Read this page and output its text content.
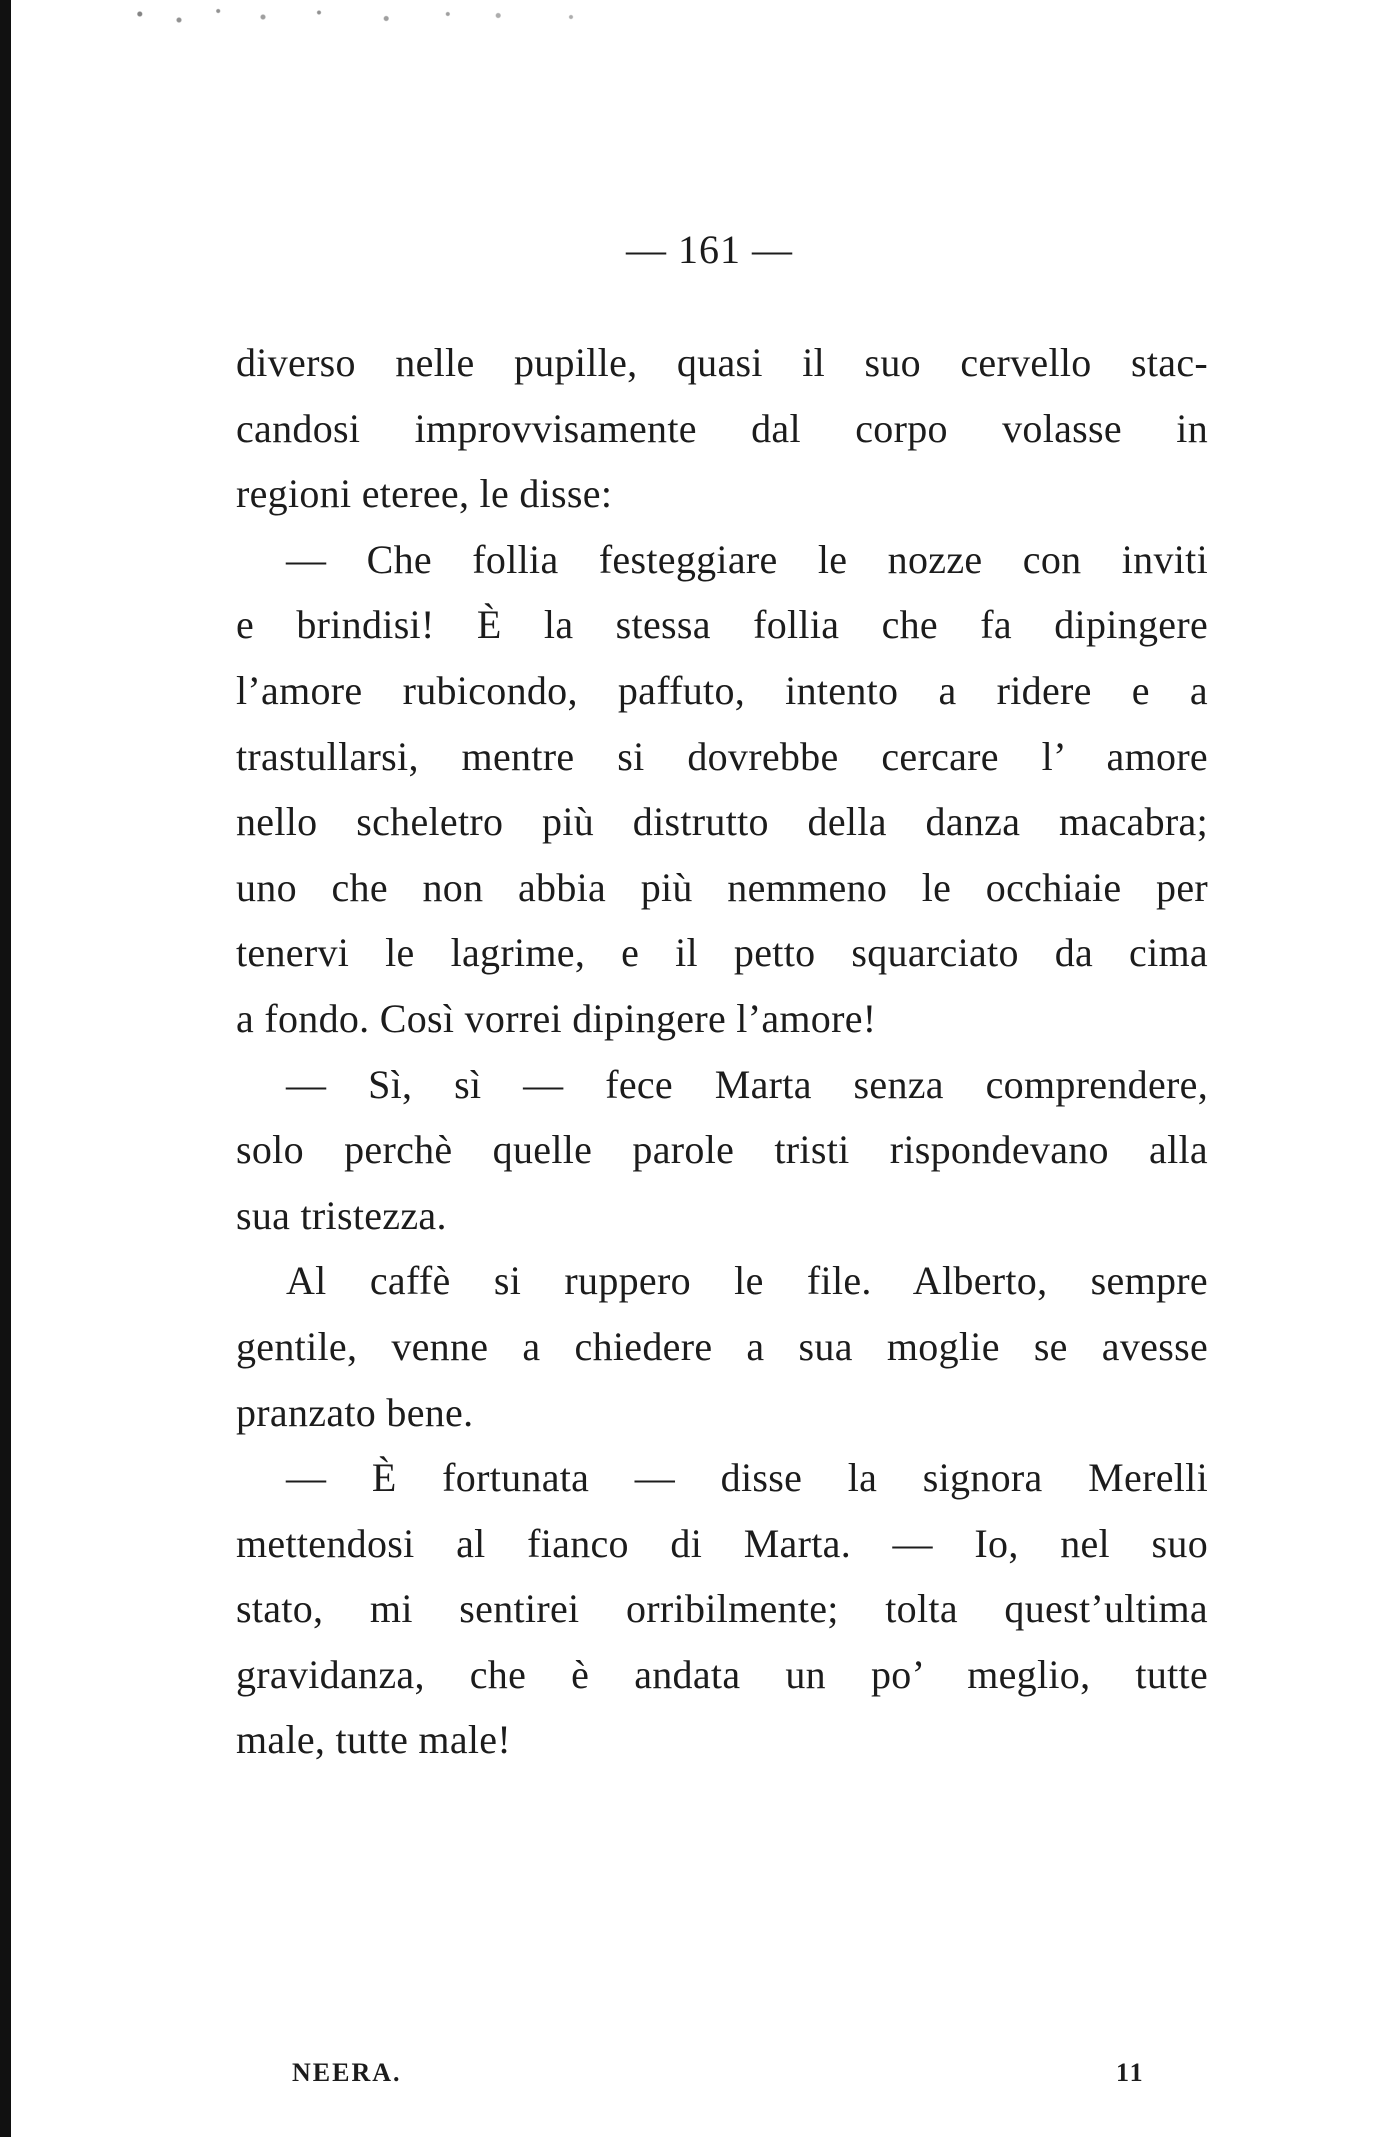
— 161 —
diverso nelle pupille, quasi il suo cervello stac-
candosi improvvisamente dal corpo volasse in
regioni eteree, le disse:
— Che follia festeggiare le nozze con inviti
e brindisi! È la stessa follia che fa dipingere
l’amore rubicondo, paffuto, intento a ridere e a
trastullarsi, mentre si dovrebbe cercare l’ amore
nello scheletro più distrutto della danza macabra;
uno che non abbia più nemmeno le occhiaie per
tenervi le lagrime, e il petto squarciato da cima
a fondo. Così vorrei dipingere l’amore!
— Sì, sì — fece Marta senza comprendere,
solo perchè quelle parole tristi rispondevano alla
sua tristezza.
Al caffè si ruppero le file. Alberto, sempre
gentile, venne a chiedere a sua moglie se avesse
pranzato bene.
— È fortunata — disse la signora Merelli
mettendosi al fianco di Marta. — Io, nel suo
stato, mi sentirei orribilmente; tolta quest’ultima
gravidanza, che è andata un po’ meglio, tutte
male, tutte male!
NEERA.	11
